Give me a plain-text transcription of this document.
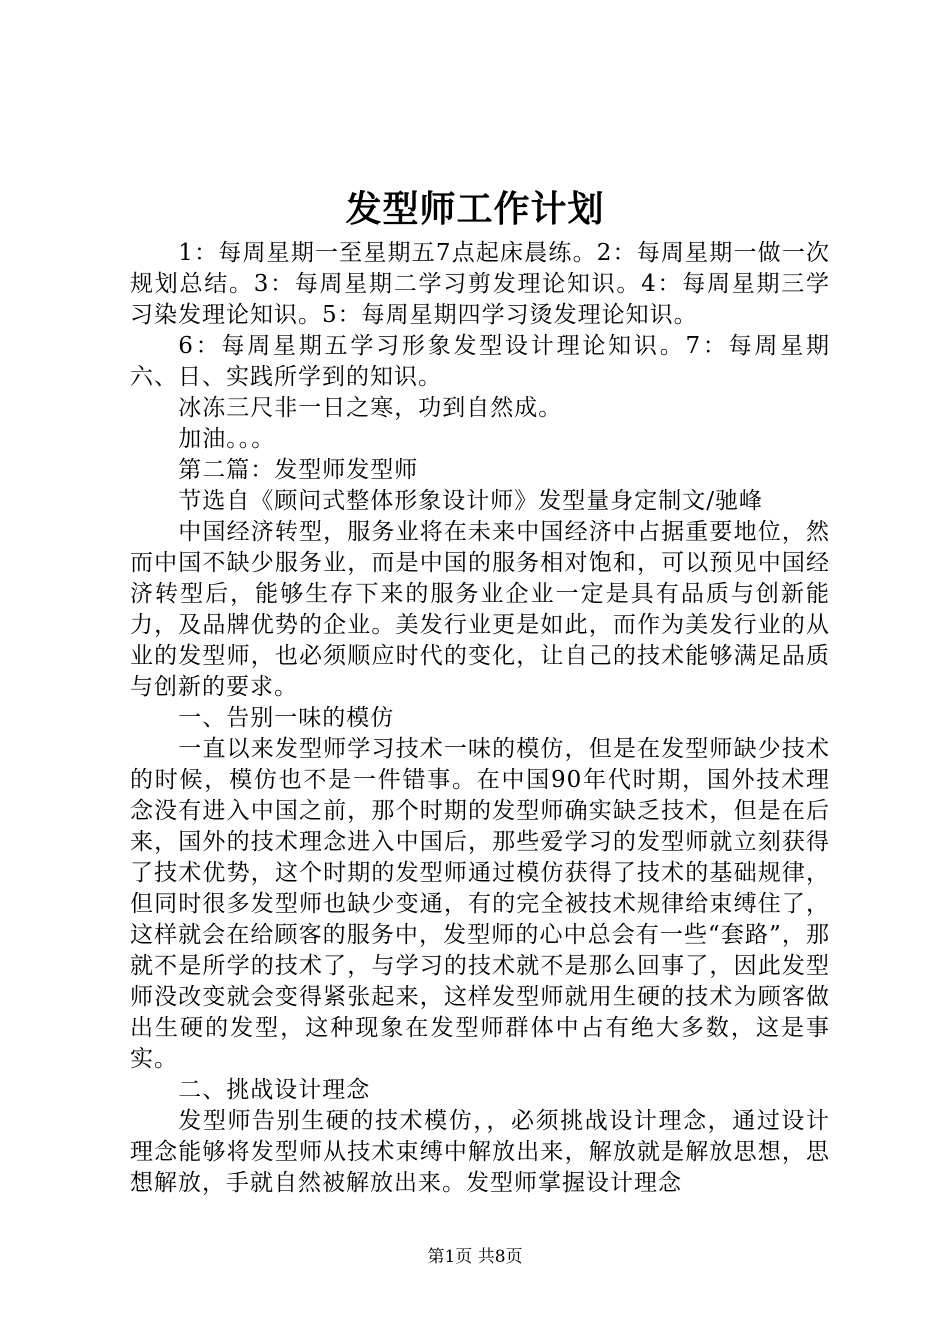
发型师工作计划

1：每周星期一至星期五7点起床晨练。2：每周星期一做一次规划总结。3：每周星期二学习剪发理论知识。4：每周星期三学习染发理论知识。5：每周星期四学习烫发理论知识。

6：每周星期五学习形象发型设计理论知识。7：每周星期六、日、实践所学到的知识。

冰冻三尺非一日之寒，功到自然成。

加油。。。

第二篇：发型师发型师

节选自《顾问式整体形象设计师》发型量身定制文/驰峰

中国经济转型，服务业将在未来中国经济中占据重要地位，然而中国不缺少服务业，而是中国的服务相对饱和，可以预见中国经济转型后，能够生存下来的服务业企业一定是具有品质与创新能力，及品牌优势的企业。美发行业更是如此，而作为美发行业的从业的发型师，也必须顺应时代的变化，让自己的技术能够满足品质与创新的要求。

一、告别一味的模仿

一直以来发型师学习技术一味的模仿，但是在发型师缺少技术的时候，模仿也不是一件错事。在中国90年代时期，国外技术理念没有进入中国之前，那个时期的发型师确实缺乏技术，但是在后来，国外的技术理念进入中国后，那些爱学习的发型师就立刻获得了技术优势，这个时期的发型师通过模仿获得了技术的基础规律，但同时很多发型师也缺少变通，有的完全被技术规律给束缚住了，这样就会在给顾客的服务中，发型师的心中总会有一些“套路”，那就不是所学的技术了，与学习的技术就不是那么回事了，因此发型师没改变就会变得紧张起来，这样发型师就用生硬的技术为顾客做出生硬的发型，这种现象在发型师群体中占有绝大多数，这是事实。

二、挑战设计理念

发型师告别生硬的技术模仿，，必须挑战设计理念，通过设计理念能够将发型师从技术束缚中解放出来，解放就是解放思想，思想解放，手就自然被解放出来。发型师掌握设计理念

第1页 共8页
